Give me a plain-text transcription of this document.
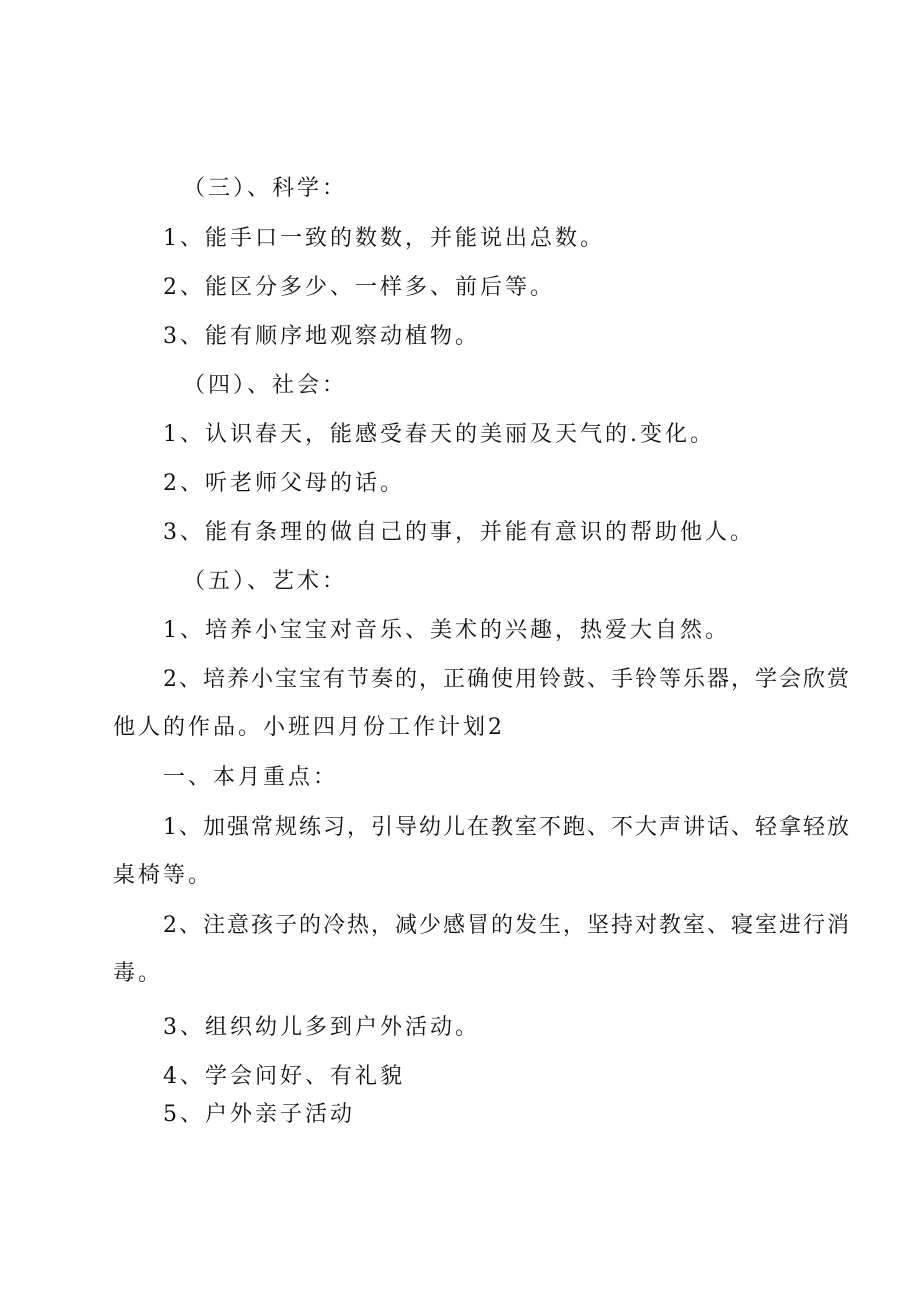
（三）、科学：
1、能手口一致的数数，并能说出总数。
2、能区分多少、一样多、前后等。
3、能有顺序地观察动植物。
（四）、社会：
1、认识春天，能感受春天的美丽及天气的.变化。
2、听老师父母的话。
3、能有条理的做自己的事，并能有意识的帮助他人。
（五）、艺术：
1、培养小宝宝对音乐、美术的兴趣，热爱大自然。
2、培养小宝宝有节奏的，正确使用铃鼓、手铃等乐器，学会欣赏
他人的作品。小班四月份工作计划2
一、本月重点：
1、加强常规练习，引导幼儿在教室不跑、不大声讲话、轻拿轻放
桌椅等。
2、注意孩子的冷热，减少感冒的发生，坚持对教室、寝室进行消
毒。
3、组织幼儿多到户外活动。
4、学会问好、有礼貌
5、户外亲子活动
